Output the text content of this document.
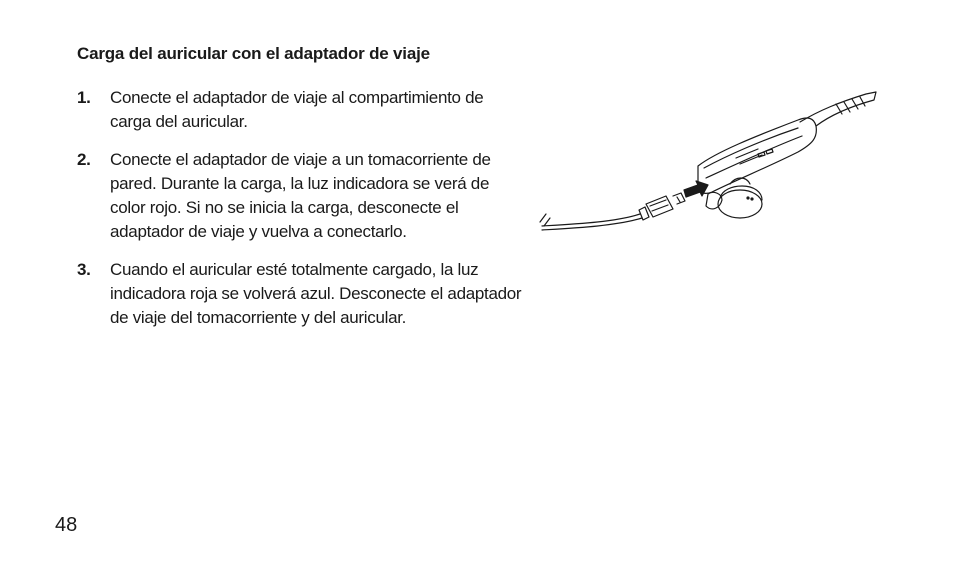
Carga del auricular con el adaptador de viaje
1. Conecte el adaptador de viaje al compartimiento de carga del auricular.
2. Conecte el adaptador de viaje a un tomacorriente de pared. Durante la carga, la luz indicadora se verá de color rojo. Si no se inicia la carga, desconecte el adaptador de viaje y vuelva a conectarlo.
3. Cuando el auricular esté totalmente cargado, la luz indicadora roja se volverá azul. Desconecte el adaptador de viaje del tomacorriente y del auricular.
48
